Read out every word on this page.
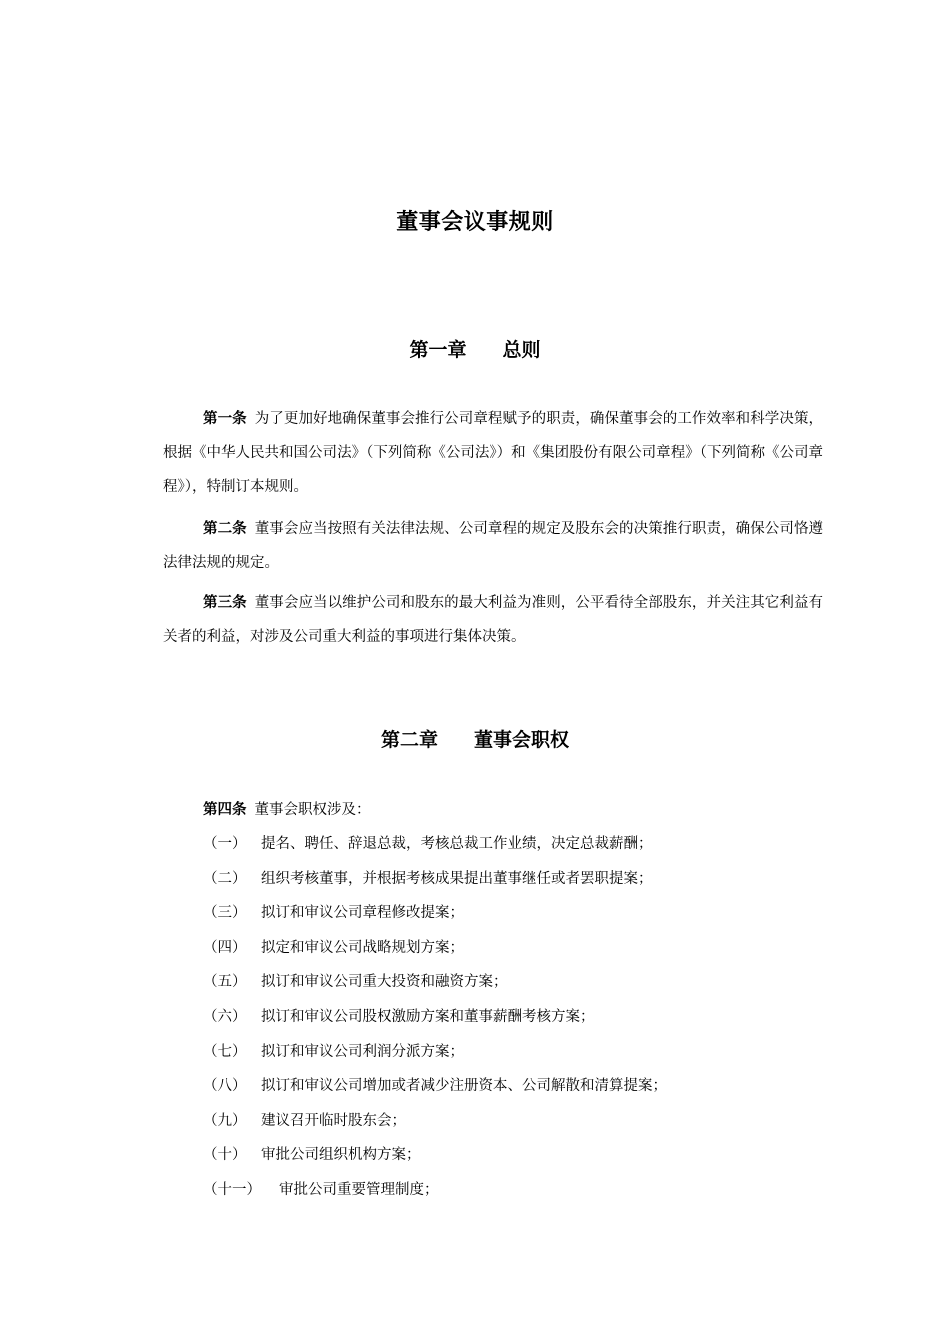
董事会议事规则
第一章 总则

第一条 为了更加好地确保董事会推行公司章程赋予的职责，确保董事会的工作效率和科学决策，根据《中华人民共和国公司法》（下列简称《公司法》）和《集团股份有限公司章程》（下列简称《公司章程》），特制订本规则。

第二条 董事会应当按照有关法律法规、公司章程的规定及股东会的决策推行职责，确保公司恪遵法律法规的规定。

第三条 董事会应当以维护公司和股东的最大利益为准则，公平看待全部股东，并关注其它利益有关者的利益，对涉及公司重大利益的事项进行集体决策。

第二章 董事会职权

第四条 董事会职权涉及：

（一） 提名、聘任、辞退总裁，考核总裁工作业绩，决定总裁薪酬；
（二） 组织考核董事，并根据考核成果提出董事继任或者罢职提案；
（三） 拟订和审议公司章程修改提案；
（四） 拟定和审议公司战略规划方案；
（五） 拟订和审议公司重大投资和融资方案；
（六） 拟订和审议公司股权激励方案和董事薪酬考核方案；
（七） 拟订和审议公司利润分派方案；
（八） 拟订和审议公司增加或者减少注册资本、公司解散和清算提案；
（九） 建议召开临时股东会；
（十） 审批公司组织机构方案；
（十一） 审批公司重要管理制度；
